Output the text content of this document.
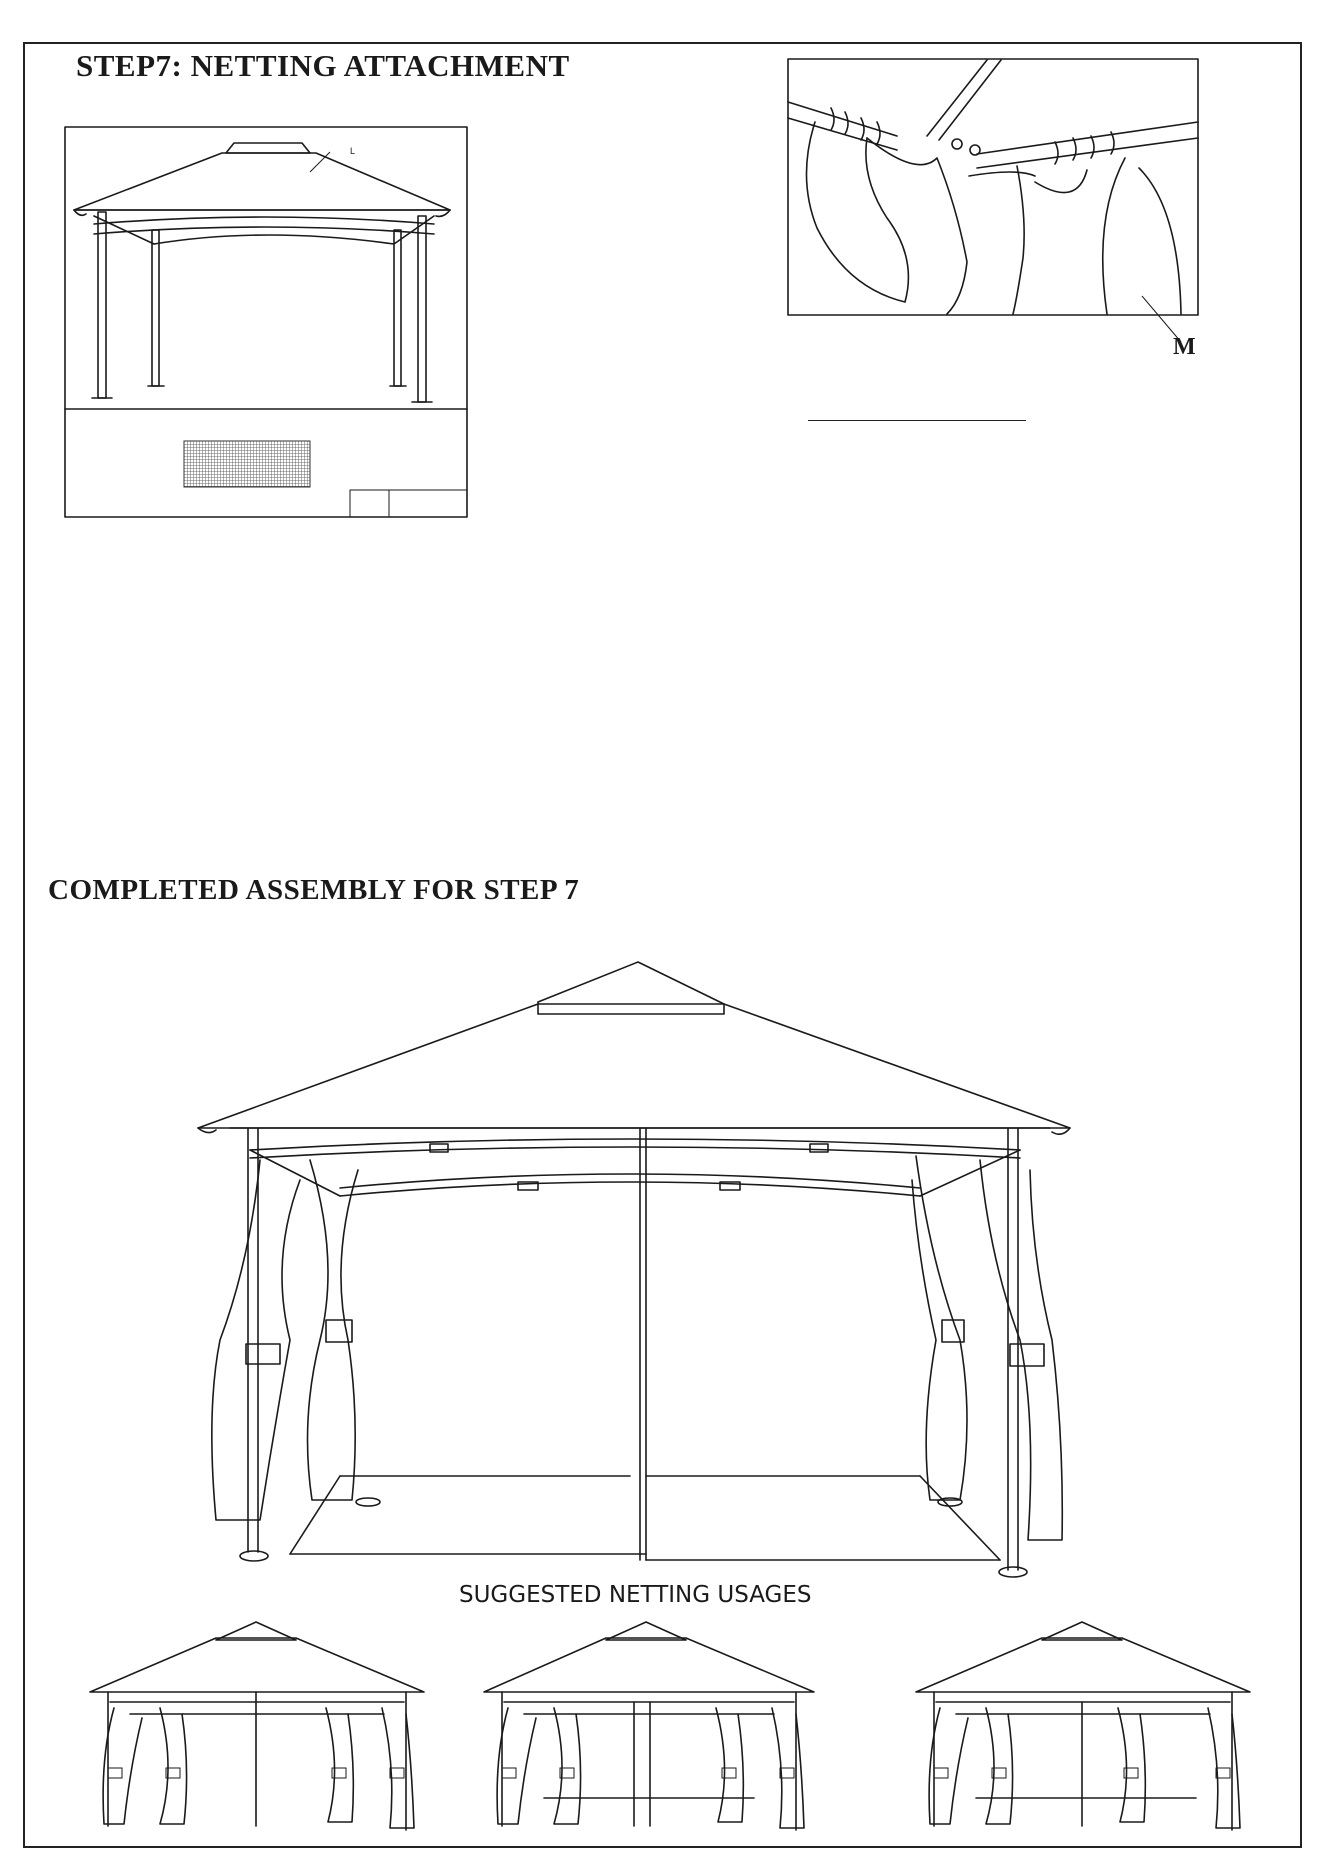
STEP7: NETTING ATTACHMENT
L
M
COMPLETED ASSEMBLY FOR STEP 7
SUGGESTED NETTING USAGES
